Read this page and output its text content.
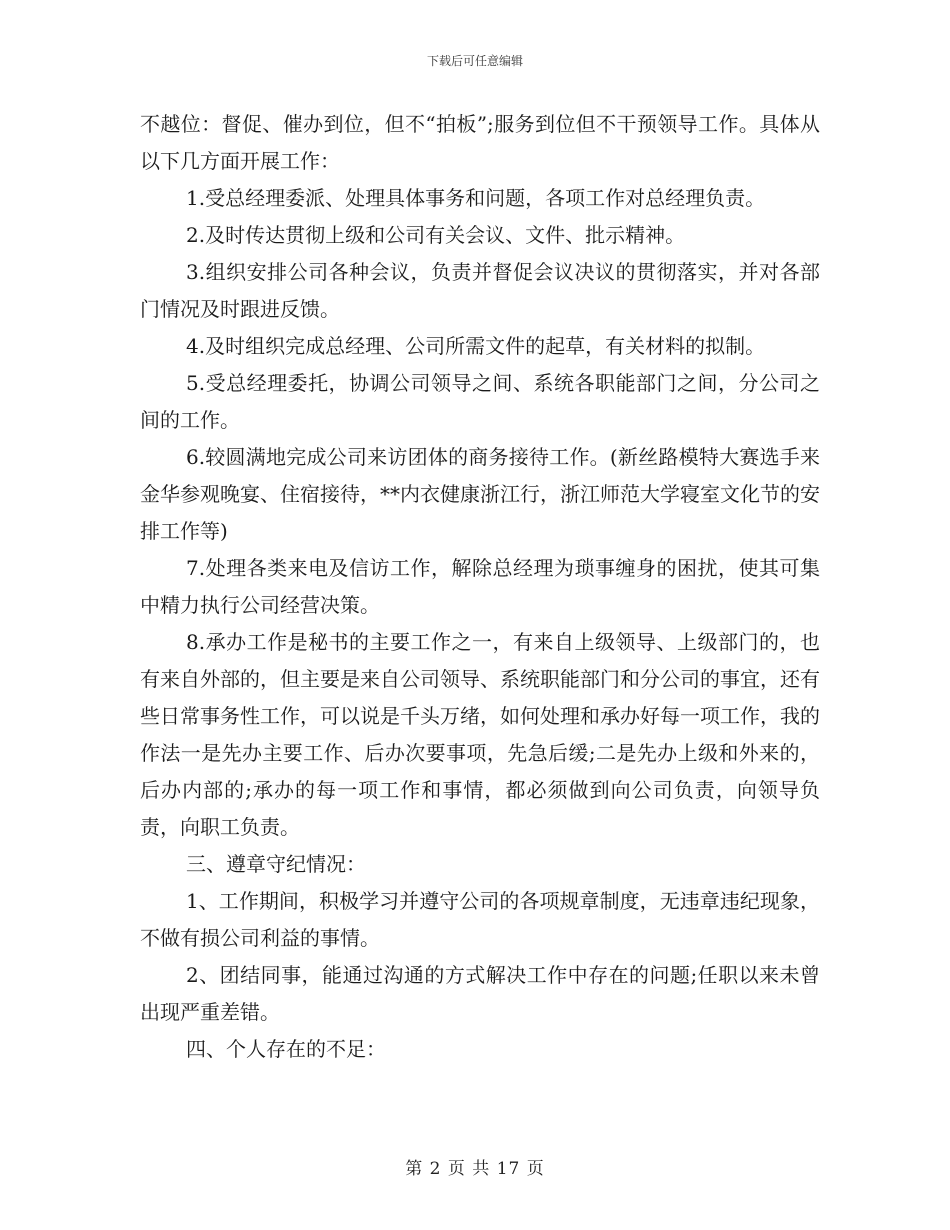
下载后可任意编辑

不越位：督促、催办到位，但不“拍板”;服务到位但不干预领导工作。具体从以下几方面开展工作：

1.受总经理委派、处理具体事务和问题，各项工作对总经理负责。

2.及时传达贯彻上级和公司有关会议、文件、批示精神。

3.组织安排公司各种会议，负责并督促会议决议的贯彻落实，并对各部门情况及时跟进反馈。

4.及时组织完成总经理、公司所需文件的起草，有关材料的拟制。

5.受总经理委托，协调公司领导之间、系统各职能部门之间，分公司之间的工作。

6.较圆满地完成公司来访团体的商务接待工作。(新丝路模特大赛选手来金华参观晚宴、住宿接待，**内衣健康浙江行，浙江师范大学寝室文化节的安排工作等)

7.处理各类来电及信访工作，解除总经理为琐事缠身的困扰，使其可集中精力执行公司经营决策。

8.承办工作是秘书的主要工作之一，有来自上级领导、上级部门的，也有来自外部的，但主要是来自公司领导、系统职能部门和分公司的事宜，还有些日常事务性工作，可以说是千头万绪，如何处理和承办好每一项工作，我的作法一是先办主要工作、后办次要事项，先急后缓;二是先办上级和外来的，后办内部的;承办的每一项工作和事情，都必须做到向公司负责，向领导负责，向职工负责。

三、遵章守纪情况：

1、工作期间，积极学习并遵守公司的各项规章制度，无违章违纪现象，不做有损公司利益的事情。

2、团结同事，能通过沟通的方式解决工作中存在的问题;任职以来未曾出现严重差错。

四、个人存在的不足：

第 2 页 共 17 页
